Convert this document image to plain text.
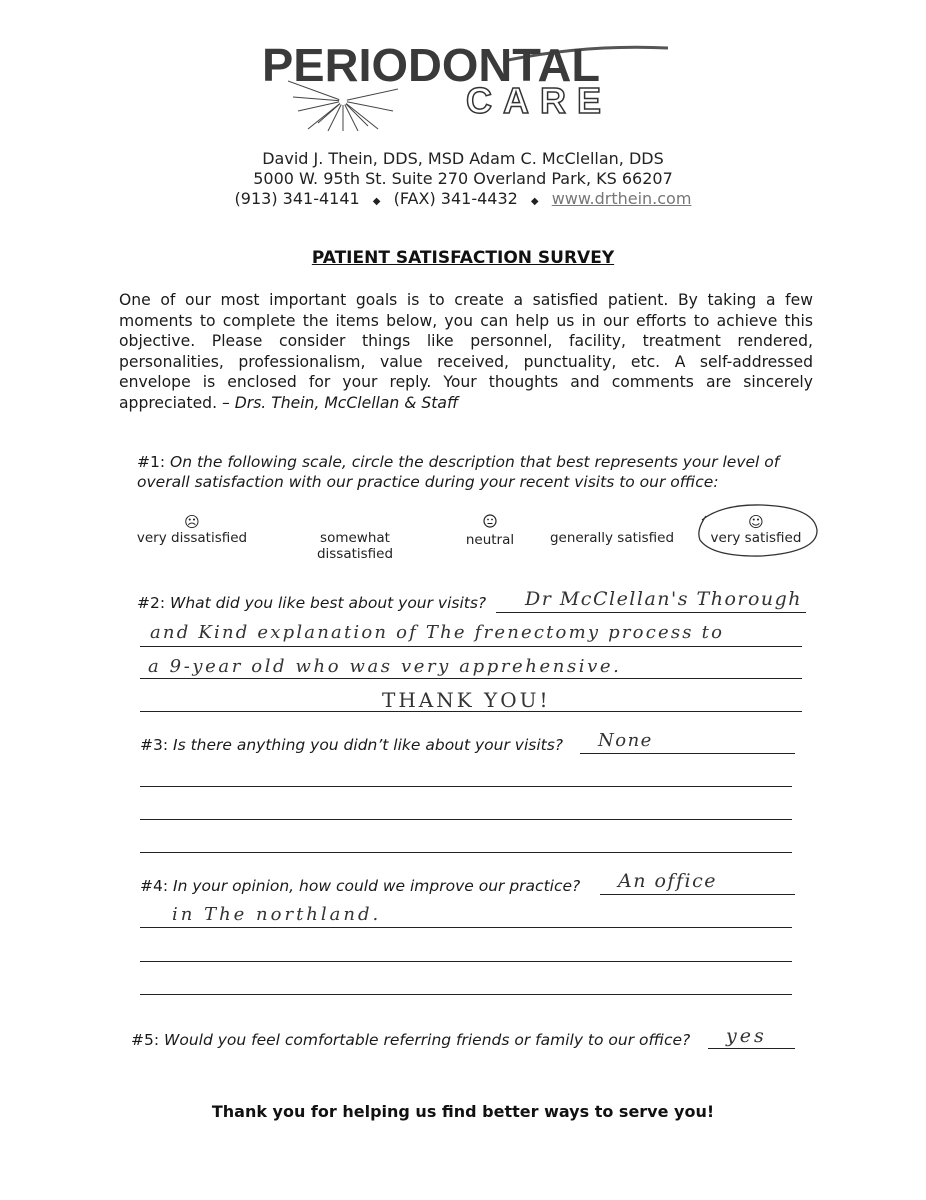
PERIODONTAL
CARE
David J. Thein, DDS, MSD Adam C. McClellan, DDS
5000 W. 95th St. Suite 270 Overland Park, KS 66207
(913) 341-4141 ◆ (FAX) 341-4432 ◆ www.drthein.com
PATIENT SATISFACTION SURVEY
One of our most important goals is to create a satisfied patient. By taking a few moments to complete the items below, you can help us in our efforts to achieve this objective. Please consider things like personnel, facility, treatment rendered, personalities, professionalism, value received, punctuality, etc. A self-addressed envelope is enclosed for your reply. Your thoughts and comments are sincerely appreciated. – Drs. Thein, McClellan & Staff
#1: On the following scale, circle the description that best represents your level of
overall satisfaction with our practice during your recent visits to our office:
☹
very dissatisfied	somewhat dissatisfied
neutral	generally satisfied
☺
very satisfied
#2: What did you like best about your visits? Dr McClellan's Thorough
and Kind explanation of The frenectomy process to
a 9-year old who was very apprehensive.
THANK YOU!
#3: Is there anything you didn’t like about your visits? None
#4: In your opinion, how could we improve our practice? An office
in The northland.
#5: Would you feel comfortable referring friends or family to our office? yes
Thank you for helping us find better ways to serve you!
